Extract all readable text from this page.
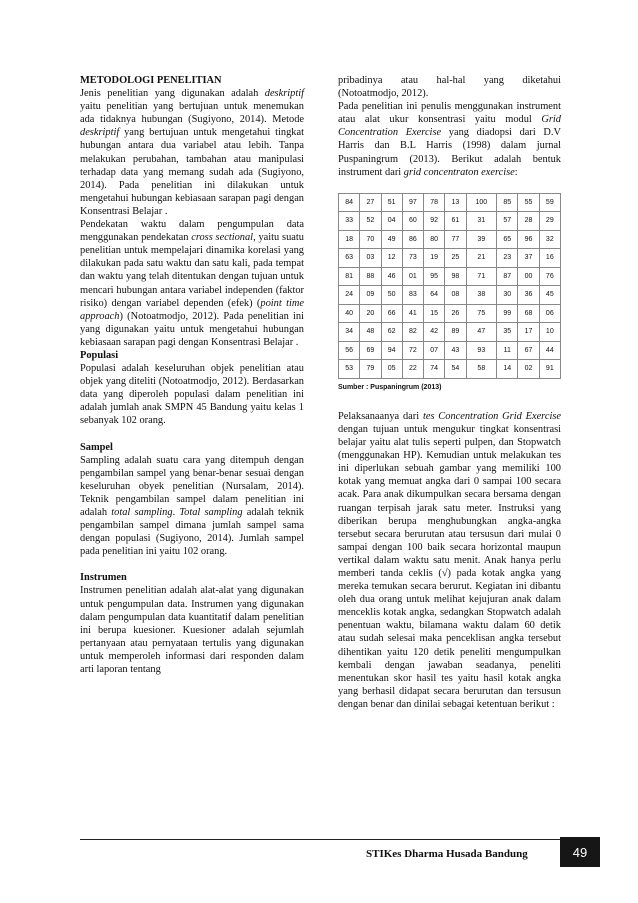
METODOLOGI PENELITIAN

Jenis penelitian yang digunakan adalah deskriptif yaitu penelitian yang bertujuan untuk menemukan ada tidaknya hubungan (Sugiyono, 2014). Metode deskriptif yang bertujuan untuk mengetahui tingkat hubungan antara dua variabel atau lebih. Tanpa melakukan perubahan, tambahan atau manipulasi terhadap data yang memang sudah ada (Sugiyono, 2014). Pada penelitian ini dilakukan untuk mengetahui hubungan kebiasaan sarapan pagi dengan Konsentrasi Belajar .

Pendekatan waktu dalam pengumpulan data menggunakan pendekatan cross sectional, yaitu suatu penelitian untuk mempelajari dinamika korelasi yang dilakukan pada satu waktu dan satu kali, pada tempat dan waktu yang telah ditentukan dengan tujuan untuk mencari hubungan antara variabel independen (faktor risiko) dengan variabel dependen (efek) (point time approach) (Notoatmodjo, 2012). Pada penelitian ini yang digunakan yaitu untuk mengetahui hubungan kebiasaan sarapan pagi dengan Konsentrasi Belajar .

Populasi

Populasi adalah keseluruhan objek penelitian atau objek yang diteliti (Notoatmodjo, 2012). Berdasarkan data yang diperoleh populasi dalam penelitian ini adalah jumlah anak SMPN 45 Bandung yaitu kelas 1 sebanyak 102 orang.

Sampel

Sampling adalah suatu cara yang ditempuh dengan pengambilan sampel yang benar-benar sesuai dengan keseluruhan obyek penelitian (Nursalam, 2014). Teknik pengambilan sampel dalam penelitian ini adalah total sampling. Total sampling adalah teknik pengambilan sampel dimana jumlah sampel sama dengan populasi (Sugiyono, 2014). Jumlah sampel pada penelitian ini yaitu 102 orang.

Instrumen

Instrumen penelitian adalah alat-alat yang digunakan untuk pengumpulan data. Instrumen yang digunakan dalam pengumpulan data kuantitatif dalam penelitian ini berupa kuesioner. Kuesioner adalah sejumlah pertanyaan atau pernyataan tertulis yang digunakan untuk memperoleh informasi dari responden dalam arti laporan tentang

pribadinya atau hal-hal yang diketahui (Notoatmodjo, 2012).

Pada penelitian ini penulis menggunakan instrument atau alat ukur konsentrasi yaitu modul Grid Concentration Exercise yang diadopsi dari D.V Harris dan B.L Harris (1998) dalam jurnal Puspaningrum (2013). Berikut adalah bentuk instrument dari grid concentraton exercise:

84	27	51	97	78	13	100	85	55	59
33	52	04	60	92	61	31	57	28	29
18	70	49	86	80	77	39	65	96	32
63	03	12	73	19	25	21	23	37	16
81	88	46	01	95	98	71	87	00	76
24	09	50	83	64	08	38	30	36	45
40	20	66	41	15	26	75	99	68	06
34	48	62	82	42	89	47	35	17	10
56	69	94	72	07	43	93	11	67	44
53	79	05	22	74	54	58	14	02	91

Sumber : Puspaningrum (2013)

Pelaksanaanya dari tes Concentration Grid Exercise dengan tujuan untuk mengukur tingkat konsentrasi belajar yaitu alat tulis seperti pulpen, dan Stopwatch (menggunakan HP). Kemudian untuk melakukan tes ini diperlukan sebuah gambar yang memiliki 100 kotak yang memuat angka dari 0 sampai 100 secara acak. Para anak dikumpulkan secara bersama dengan ruangan terpisah jarak satu meter. Instruksi yang diberikan berupa menghubungkan angka-angka tersebut secara berurutan atau tersusun dari mulai 0 sampai dengan 100 baik secara horizontal maupun vertikal dalam waktu satu menit. Anak hanya perlu memberi tanda ceklis (√) pada kotak angka yang mereka temukan secara berurut. Kegiatan ini dibantu oleh dua orang untuk melihat kejujuran anak dalam menceklis kotak angka, sedangkan Stopwatch adalah penentuan waktu, bilamana waktu dalam 60 detik atau sudah selesai maka penceklisan angka tersebut dihentikan yaitu 120 detik peneliti mengumpulkan kembali dengan jawaban seadanya, peneliti menentukan skor hasil tes yaitu hasil kotak angka yang berhasil didapat secara berurutan dan tersusun dengan benar dan dinilai sebagai ketentuan berikut :

STIKes Dharma Husada Bandung	49
